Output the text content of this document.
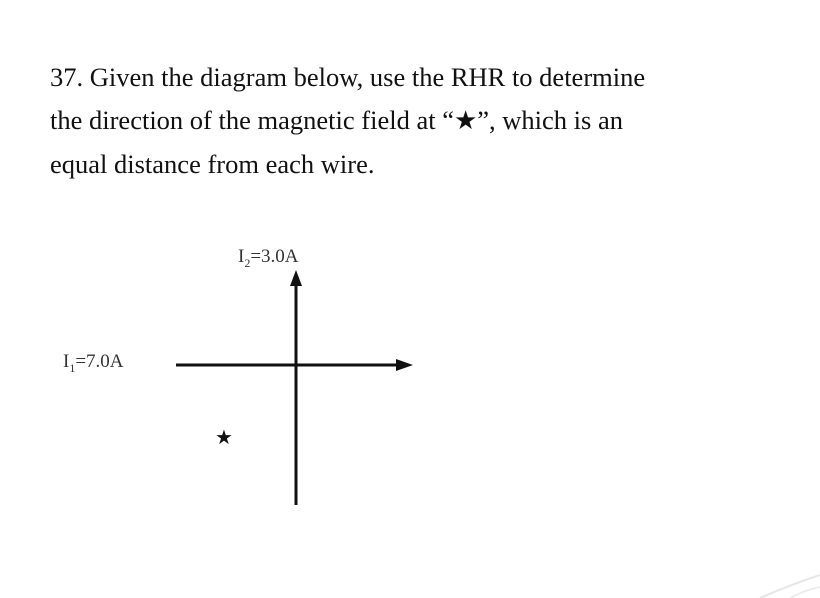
37. Given the diagram below, use the RHR to determine
the direction of the magnetic field at “★”, which is an
equal distance from each wire.

$I_2=3.0A$
$I_1=7.0A$
★
